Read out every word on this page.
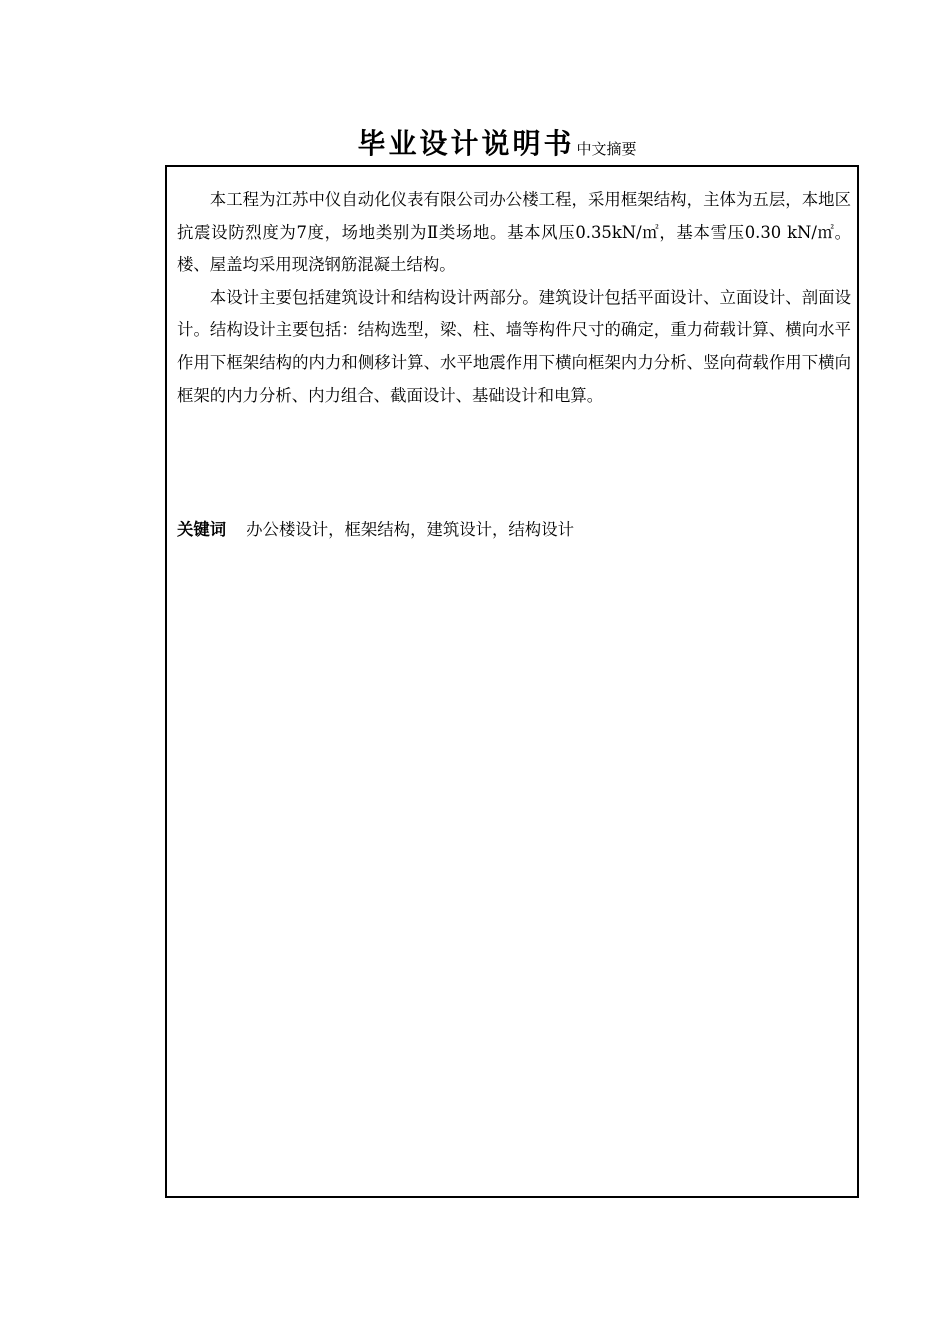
毕业设计说明书 中文摘要

本工程为江苏中仪自动化仪表有限公司办公楼工程，采用框架结构，主体为五层，本地区抗震设防烈度为7度，场地类别为Ⅱ类场地。基本风压0.35kN/㎡，基本雪压0.30 kN/㎡。楼、屋盖均采用现浇钢筋混凝土结构。

本设计主要包括建筑设计和结构设计两部分。建筑设计包括平面设计、立面设计、剖面设计。结构设计主要包括：结构选型，梁、柱、墙等构件尺寸的确定，重力荷载计算、横向水平作用下框架结构的内力和侧移计算、水平地震作用下横向框架内力分析、竖向荷载作用下横向框架的内力分析、内力组合、截面设计、基础设计和电算。

关键词 办公楼设计，框架结构，建筑设计，结构设计
